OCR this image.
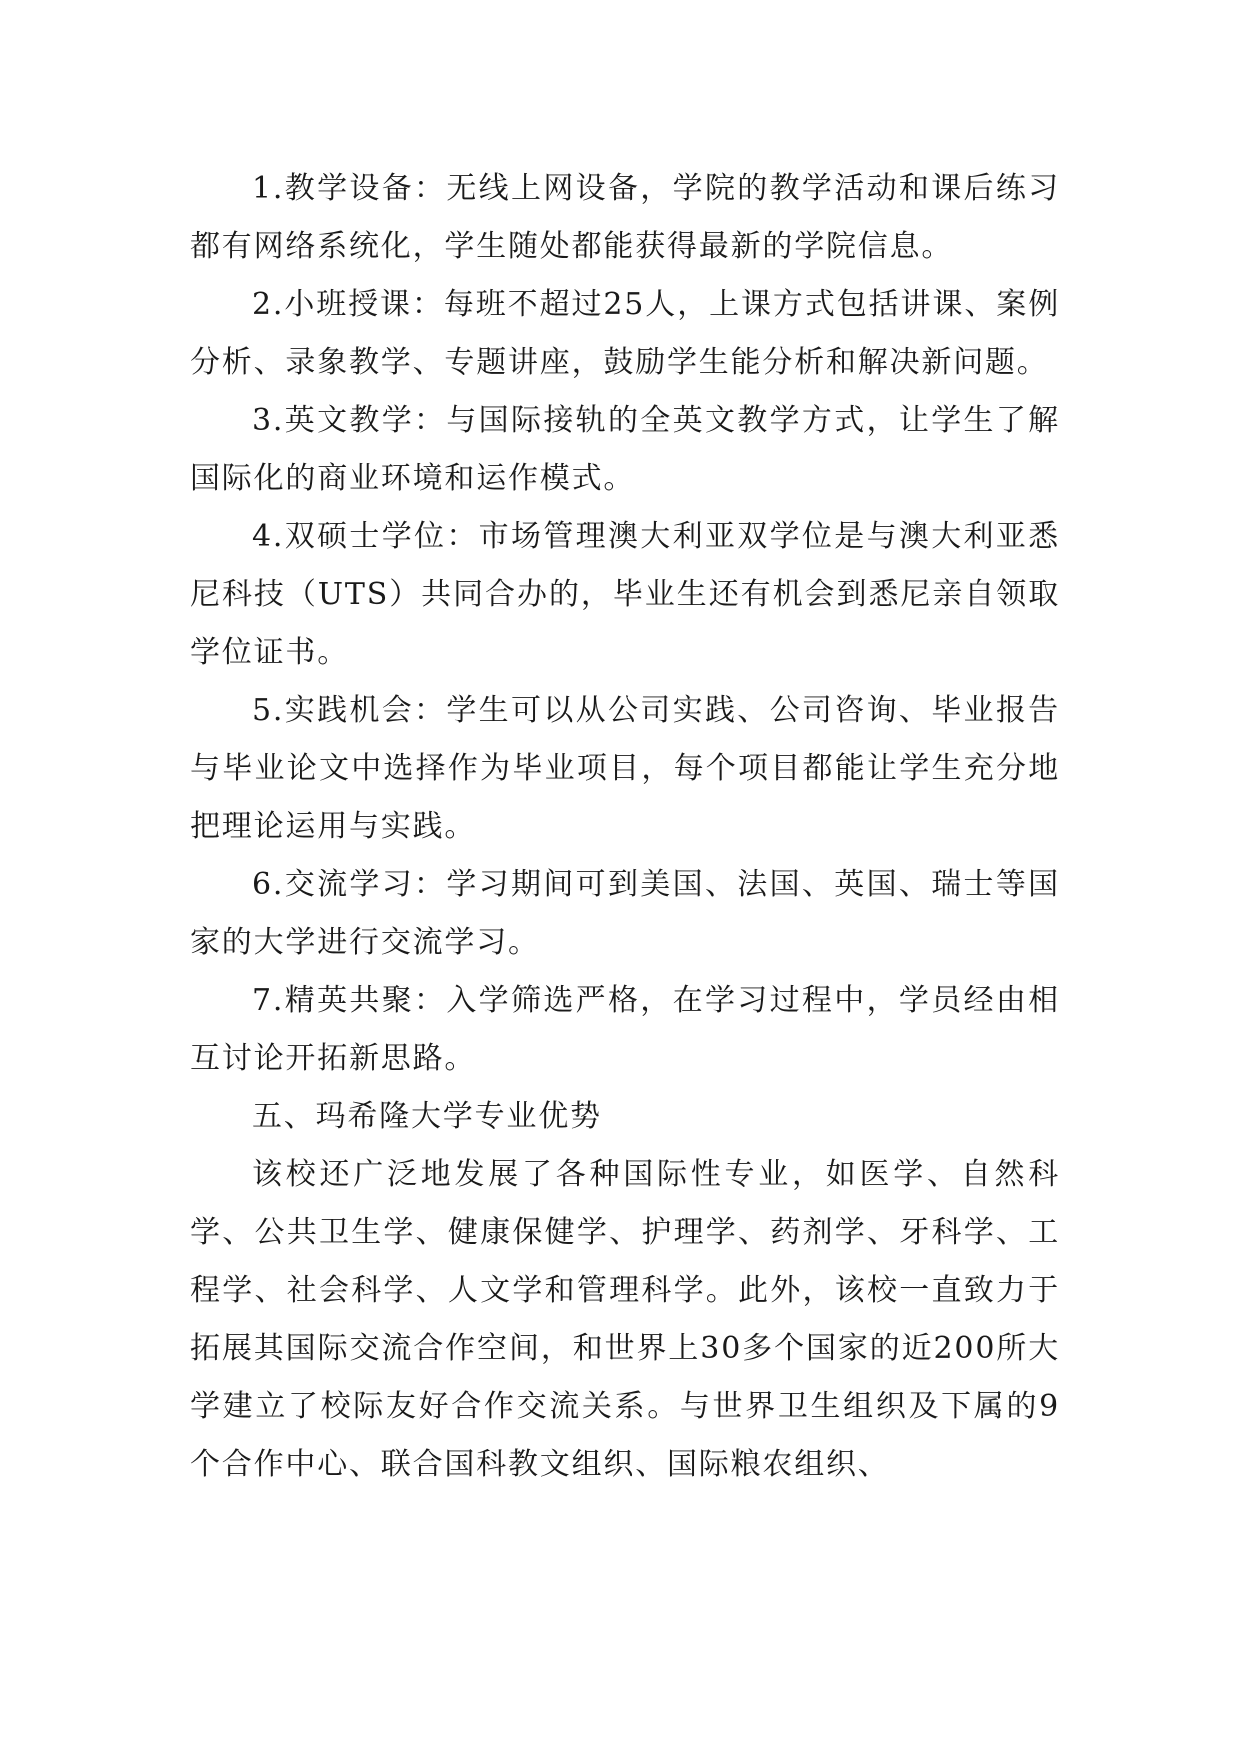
1.教学设备：无线上网设备，学院的教学活动和课后练习都有网络系统化，学生随处都能获得最新的学院信息。

2.小班授课：每班不超过25人，上课方式包括讲课、案例分析、录象教学、专题讲座，鼓励学生能分析和解决新问题。

3.英文教学：与国际接轨的全英文教学方式，让学生了解国际化的商业环境和运作模式。

4.双硕士学位：市场管理澳大利亚双学位是与澳大利亚悉尼科技（UTS）共同合办的，毕业生还有机会到悉尼亲自领取学位证书。

5.实践机会：学生可以从公司实践、公司咨询、毕业报告与毕业论文中选择作为毕业项目，每个项目都能让学生充分地把理论运用与实践。

6.交流学习：学习期间可到美国、法国、英国、瑞士等国家的大学进行交流学习。

7.精英共聚：入学筛选严格，在学习过程中，学员经由相互讨论开拓新思路。

五、玛希隆大学专业优势

该校还广泛地发展了各种国际性专业，如医学、自然科学、公共卫生学、健康保健学、护理学、药剂学、牙科学、工程学、社会科学、人文学和管理科学。此外，该校一直致力于拓展其国际交流合作空间，和世界上30多个国家的近200所大学建立了校际友好合作交流关系。与世界卫生组织及下属的9个合作中心、联合国科教文组织、国际粮农组织、
